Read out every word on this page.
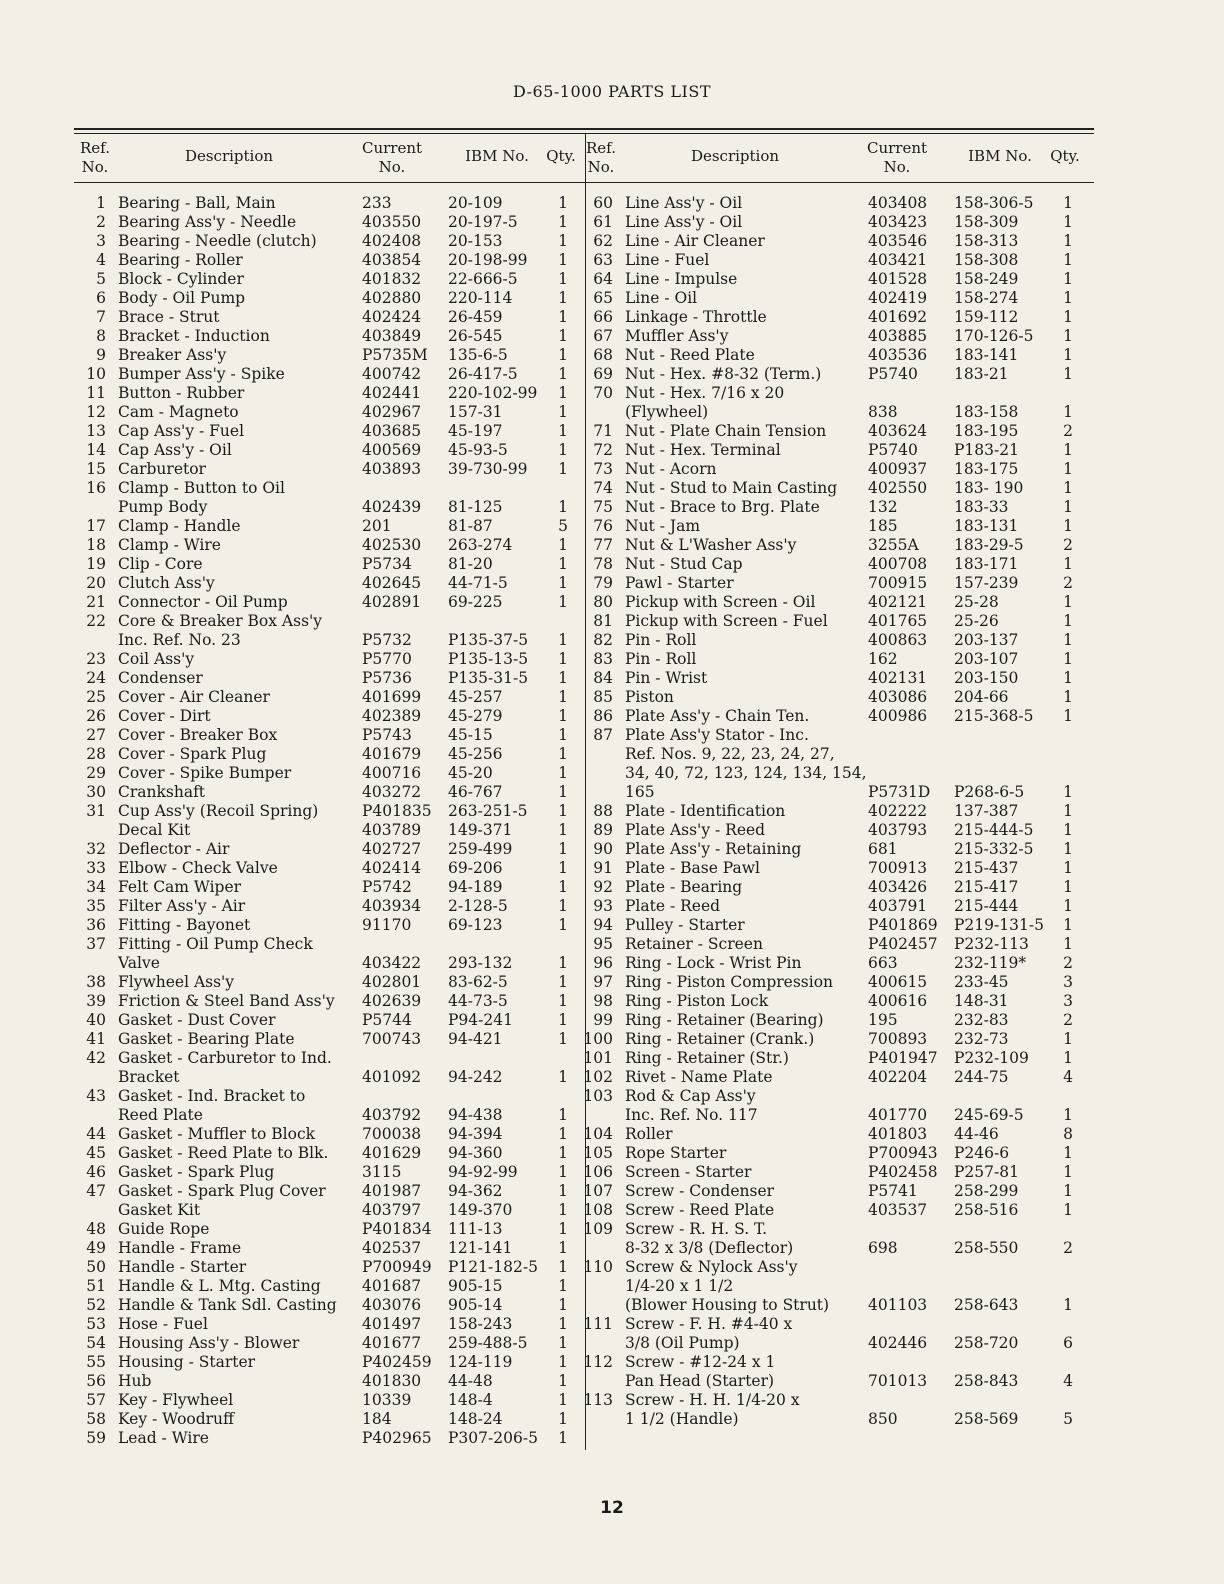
D-65-1000 PARTS LIST
Ref.
No.
Description	Current
No.
IBM No.	Qty.
1 Bearing - Ball, Main	233	20-109	1
2 Bearing Ass'y - Needle	403550 20-197-5	1
3 Bearing - Needle (clutch)	402408 20-153	1
4 Bearing - Roller	403854 20-198-99 1
5 Block - Cylinder	401832 22-666-5	1
6 Body - Oil Pump	402880 220-114	1
7 Brace - Strut	402424 26-459	1
8 Bracket - Induction	403849 26-545	1
9 Breaker Ass'y	P5735M 135-6-5	1
10 Bumper Ass'y - Spike	400742 26-417-5	1
11 Button - Rubber	402441 220-102-99 1
12 Cam - Magneto	402967 157-31	1
13 Cap Ass'y - Fuel	403685 45-197	1
14 Cap Ass'y - Oil	400569 45-93-5	1
15 Carburetor	403893 39-730-99 1
16 Clamp - Button to Oil
Pump Body	402439 81-125	1
17 Clamp - Handle	201	81-87	5
18 Clamp - Wire	402530 263-274	1
19 Clip - Core	P5734 81-20	1
20 Clutch Ass'y	402645 44-71-5	1
21 Connector - Oil Pump	402891 69-225	1
22 Core & Breaker Box Ass'y
Inc. Ref. No. 23	P5732 P135-37-5 1
23 Coil Ass'y	P5770 P135-13-5 1
24 Condenser	P5736 P135-31-5 1
25 Cover - Air Cleaner	401699 45-257	1
26 Cover - Dirt	402389 45-279	1
27 Cover - Breaker Box	P5743 45-15	1
28 Cover - Spark Plug	401679 45-256	1
29 Cover - Spike Bumper	400716 45-20	1
30 Crankshaft	403272 46-767	1
31 Cup Ass'y (Recoil Spring)	P401835 263-251-5 1
Decal Kit	403789 149-371	1
32 Deflector - Air	402727 259-499	1
33 Elbow - Check Valve	402414 69-206	1
34 Felt Cam Wiper	P5742 94-189	1
35 Filter Ass'y - Air	403934 2-128-5	1
36 Fitting - Bayonet	91170 69-123	1
37 Fitting - Oil Pump Check
Valve	403422 293-132	1
38 Flywheel Ass'y	402801 83-62-5	1
39 Friction & Steel Band Ass'y 402639 44-73-5	1
40 Gasket - Dust Cover	P5744 P94-241	1
41 Gasket - Bearing Plate	700743 94-421	1
42 Gasket - Carburetor to Ind.
Bracket	401092 94-242	1
43 Gasket - Ind. Bracket to
Reed Plate	403792 94-438	1
44 Gasket - Muffler to Block	700038 94-394	1
45 Gasket - Reed Plate to Blk. 401629 94-360	1
46 Gasket - Spark Plug	3115	94-92-99	1
47 Gasket - Spark Plug Cover 401987 94-362	1
Gasket Kit	403797 149-370	1
48 Guide Rope	P401834 111-13	1
49 Handle - Frame	402537 121-141	1
50 Handle - Starter	P700949 P121-182-5 1
51 Handle & L. Mtg. Casting	401687 905-15	1
52 Handle & Tank Sdl. Casting 403076 905-14	1
53 Hose - Fuel	401497 158-243	1
54 Housing Ass'y - Blower	401677 259-488-5 1
55 Housing - Starter	P402459 124-119	1
56 Hub	401830 44-48	1
57 Key - Flywheel	10339 148-4	1
58 Key - Woodruff	184	148-24	1
59 Lead - Wire	P402965 P307-206-5 1
Ref.
No.
Description	Current
No.
IBM No.	Qty.
60 Line Ass'y - Oil	403408 158-306-5 1
61 Line Ass'y - Oil	403423 158-309	1
62 Line - Air Cleaner	403546 158-313	1
63 Line - Fuel	403421 158-308	1
64 Line - Impulse	401528 158-249	1
65 Line - Oil	402419 158-274	1
66 Linkage - Throttle	401692 159-112	1
67 Muffler Ass'y	403885 170-126-5 1
68 Nut - Reed Plate	403536 183-141	1
69 Nut - Hex. #8-32 (Term.)	P5740 183-21	1
70 Nut - Hex. 7/16 x 20
(Flywheel)	838	183-158	1
71 Nut - Plate Chain Tension	403624 183-195	2
72 Nut - Hex. Terminal	P5740 P183-21	1
73 Nut - Acorn	400937 183-175	1
74 Nut - Stud to Main Casting 402550 183- 190	1
75 Nut - Brace to Brg. Plate	132	183-33	1
76 Nut - Jam	185	183-131	1
77 Nut & L'Washer Ass'y	3255A 183-29-5	2
78 Nut - Stud Cap	400708 183-171	1
79 Pawl - Starter	700915 157-239	2
80 Pickup with Screen - Oil	402121 25-28	1
81 Pickup with Screen - Fuel	401765 25-26	1
82 Pin - Roll	400863 203-137	1
83 Pin - Roll	162	203-107	1
84 Pin - Wrist	402131 203-150	1
85 Piston	403086 204-66	1
86 Plate Ass'y - Chain Ten.	400986 215-368-5 1
87 Plate Ass'y Stator - Inc.
Ref. Nos. 9, 22, 23, 24, 27,
34, 40, 72, 123, 124, 134, 154,
165	P5731D P268-6-5	1
88 Plate - Identification	402222 137-387	1
89 Plate Ass'y - Reed	403793 215-444-5 1
90 Plate Ass'y - Retaining	681	215-332-5 1
91 Plate - Base Pawl	700913 215-437	1
92 Plate - Bearing	403426 215-417	1
93 Plate - Reed	403791 215-444	1
94 Pulley - Starter	P401869 P219-131-5 1
95 Retainer - Screen	P402457 P232-113 1
96 Ring - Lock - Wrist Pin	663	232-119* 2
97 Ring - Piston Compression 400615 233-45	3
98 Ring - Piston Lock	400616 148-31	3
99 Ring - Retainer (Bearing)	195	232-83	2
100 Ring - Retainer (Crank.)	700893 232-73	1
101 Ring - Retainer (Str.)	P401947 P232-109 1
102 Rivet - Name Plate	402204 244-75	4
103 Rod & Cap Ass'y
Inc. Ref. No. 117	401770 245-69-5	1
104 Roller	401803 44-46	8
105 Rope Starter	P700943 P246-6	1
106 Screen - Starter	P402458 P257-81	1
107 Screw - Condenser	P5741 258-299	1
108 Screw - Reed Plate	403537 258-516	1
109 Screw - R. H. S. T.
8-32 x 3/8 (Deflector)	698	258-550	2
110 Screw & Nylock Ass'y
1/4-20 x 1 1/2
(Blower Housing to Strut)	401103 258-643	1
111 Screw - F. H. #4-40 x
3/8 (Oil Pump)	402446 258-720	6
112 Screw - #12-24 x 1
Pan Head (Starter)	701013 258-843	4
113 Screw - H. H. 1/4-20 x
1 1/2 (Handle)	850	258-569	5
12
